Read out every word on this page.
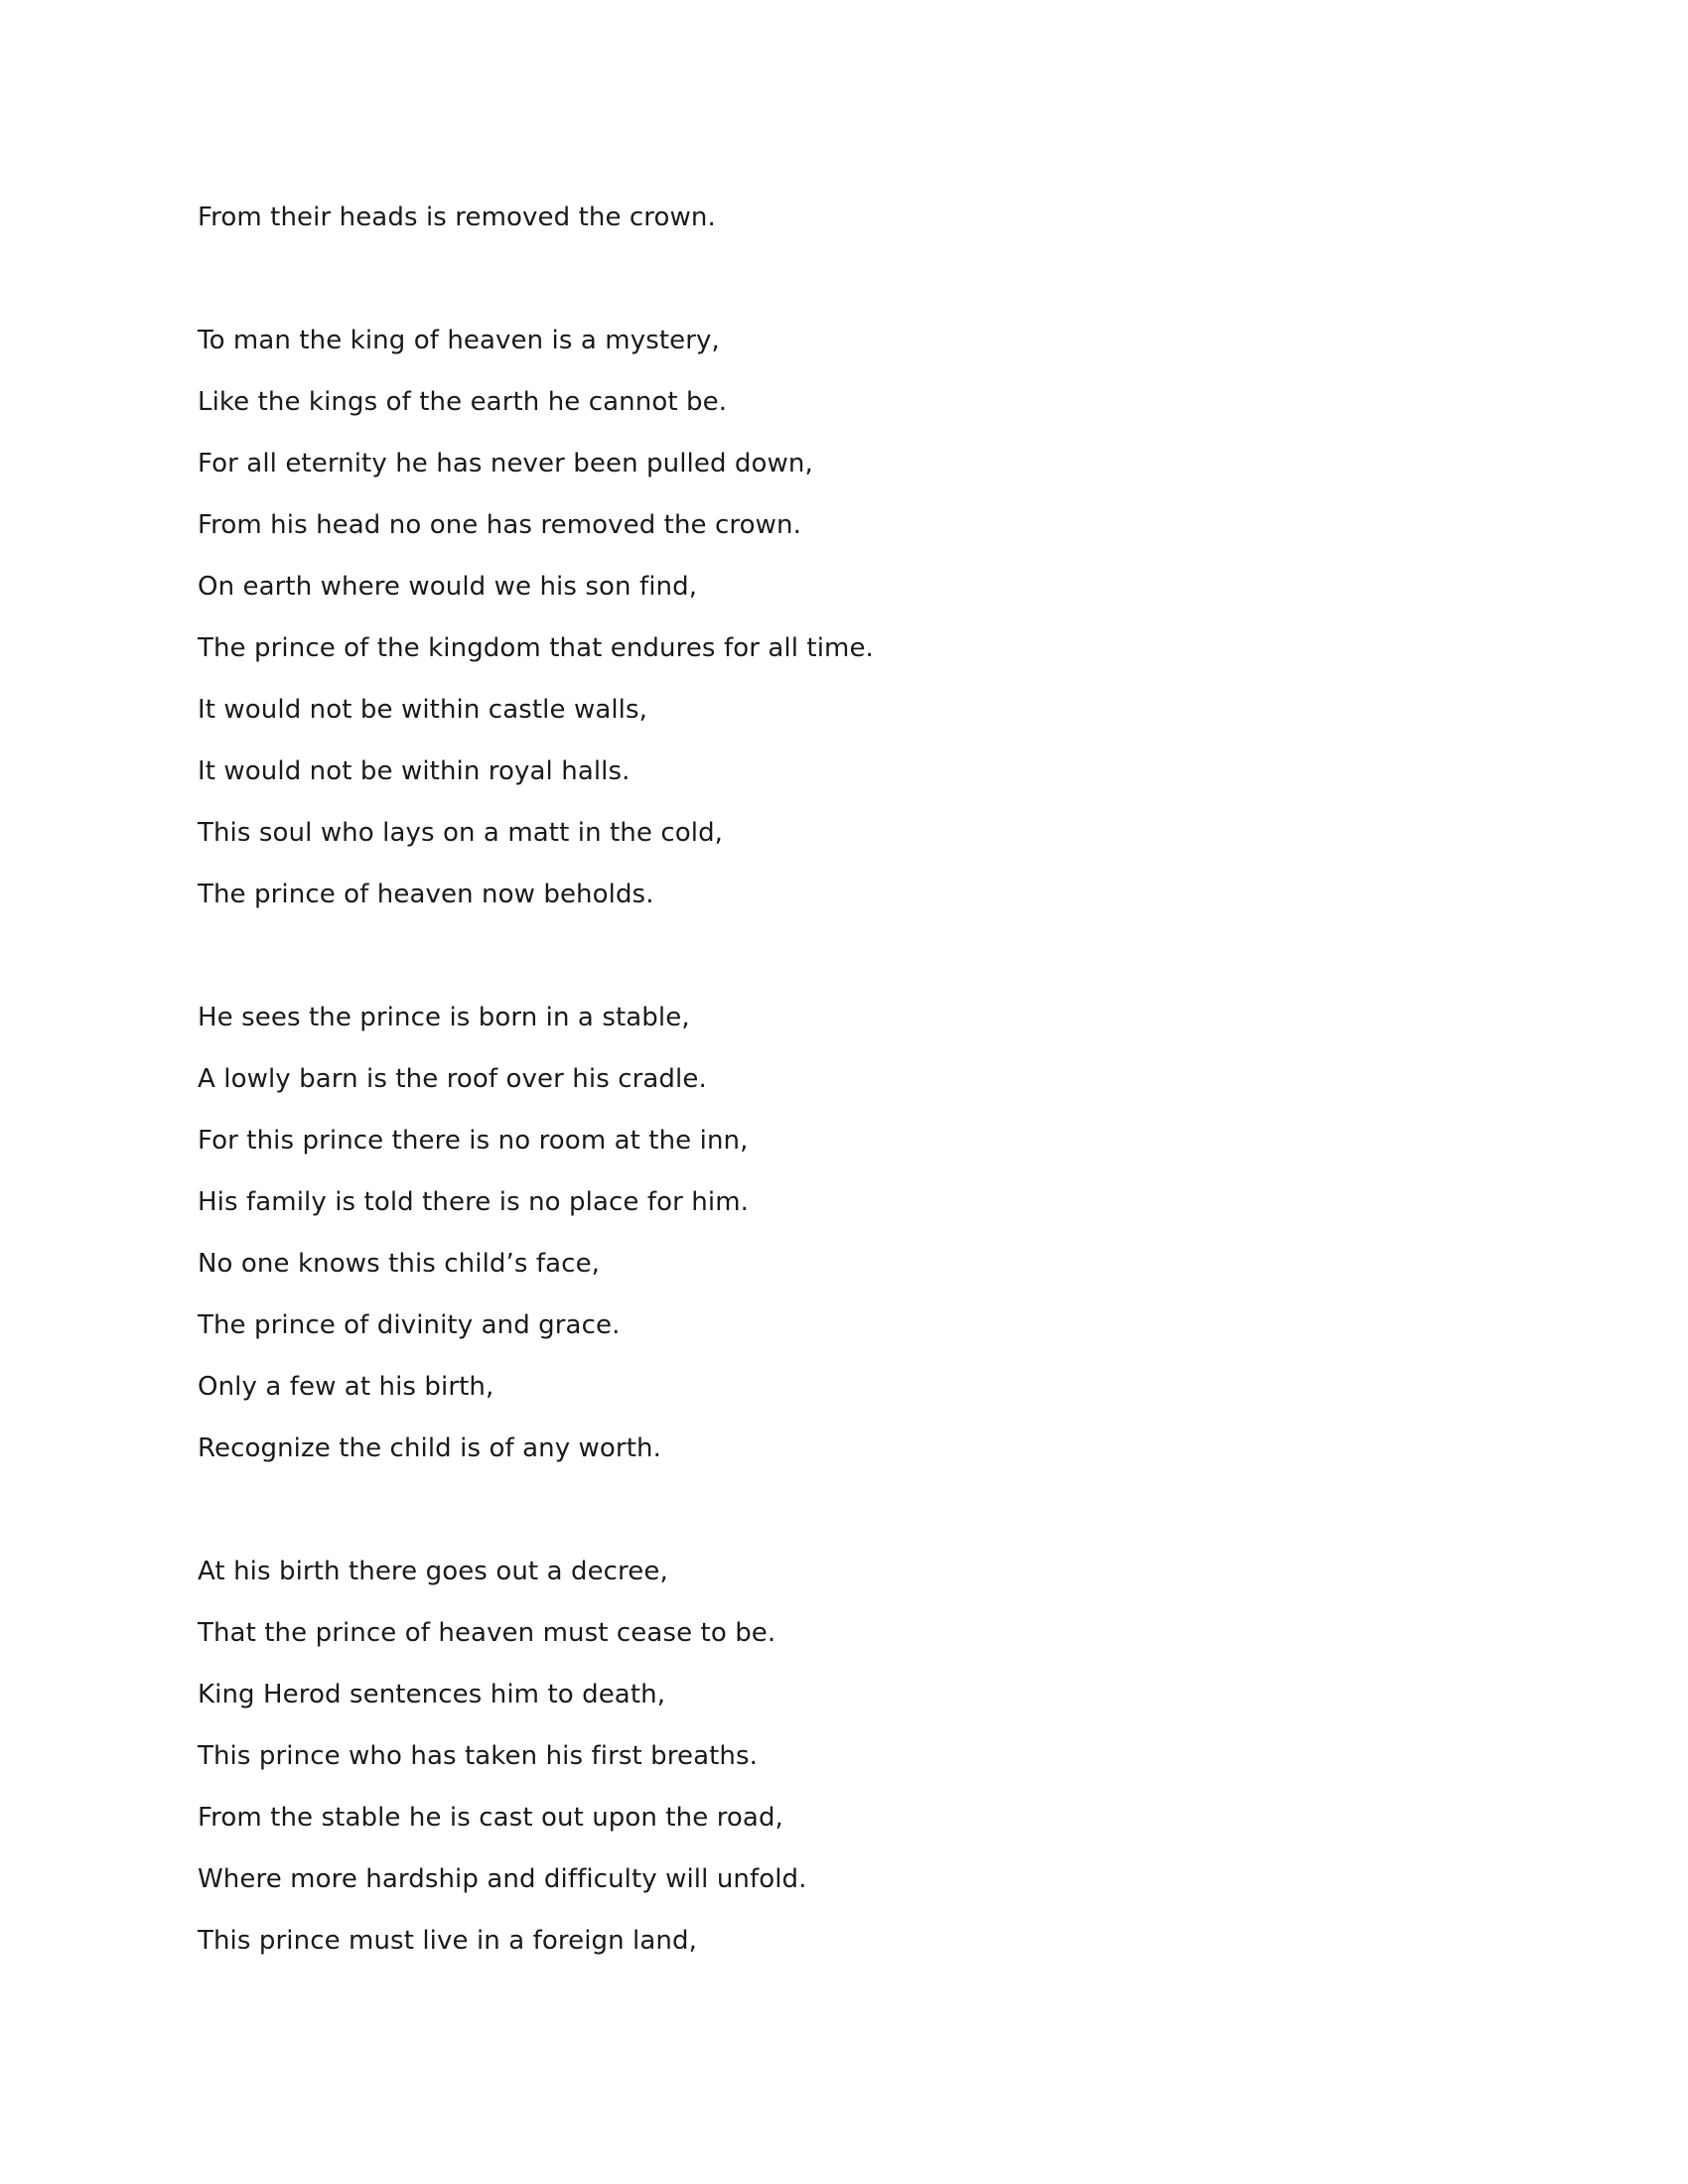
From their heads is removed the crown.
To man the king of heaven is a mystery,
Like the kings of the earth he cannot be.
For all eternity he has never been pulled down,
From his head no one has removed the crown.
On earth where would we his son find,
The prince of the kingdom that endures for all time.
It would not be within castle walls,
It would not be within royal halls.
This soul who lays on a matt in the cold,
The prince of heaven now beholds.
He sees the prince is born in a stable,
A lowly barn is the roof over his cradle.
For this prince there is no room at the inn,
His family is told there is no place for him.
No one knows this child’s face,
The prince of divinity and grace.
Only a few at his birth,
Recognize the child is of any worth.
At his birth there goes out a decree,
That the prince of heaven must cease to be.
King Herod sentences him to death,
This prince who has taken his first breaths.
From the stable he is cast out upon the road,
Where more hardship and difficulty will unfold.
This prince must live in a foreign land,
